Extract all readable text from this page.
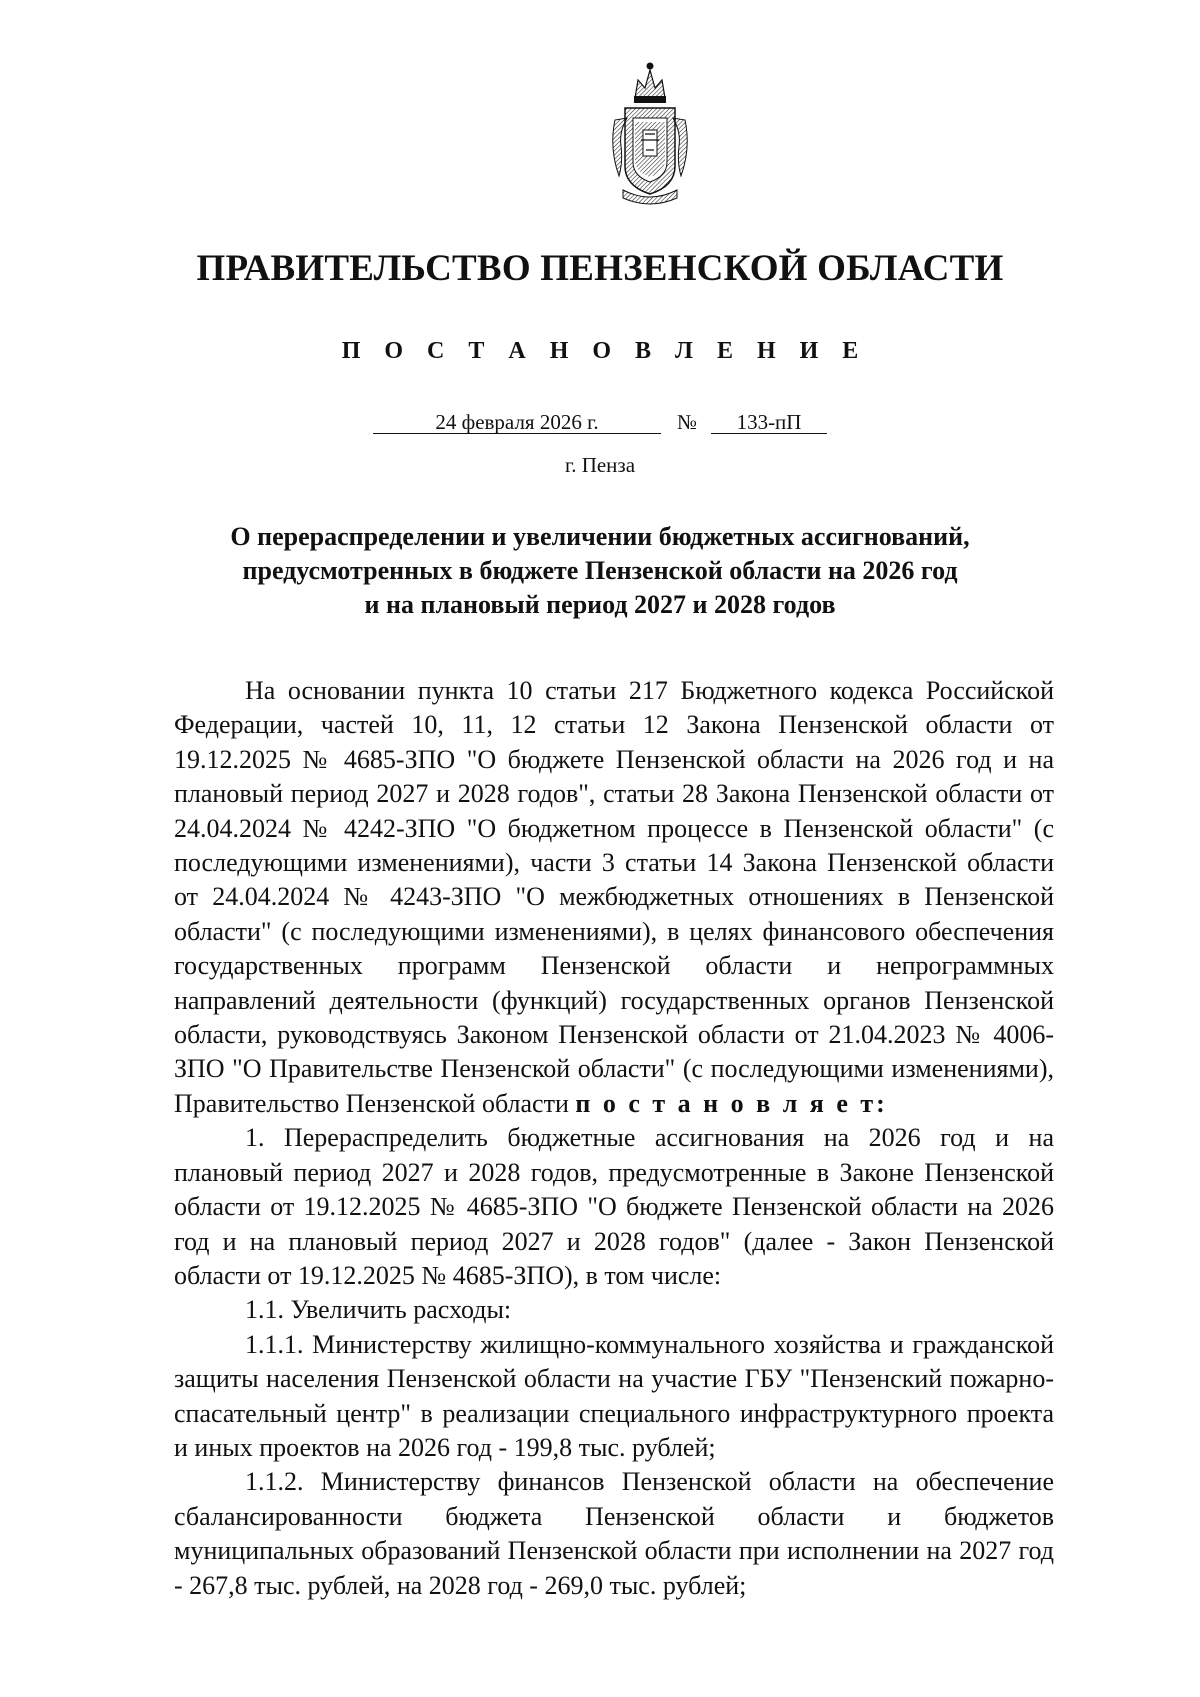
ПРАВИТЕЛЬСТВО ПЕНЗЕНСКОЙ ОБЛАСТИ
П О С Т А Н О В Л Е Н И Е
24 февраля 2026 г.	№ 133-пП
г. Пенза
О перераспределении и увеличении бюджетных ассигнований,
предусмотренных в бюджете Пензенской области на 2026 год
и на плановый период 2027 и 2028 годов

На основании пункта 10 статьи 217 Бюджетного кодекса Российской Федерации, частей 10, 11, 12 статьи 12 Закона Пензенской области от 19.12.2025 № 4685-ЗПО "О бюджете Пензенской области на 2026 год и на плановый период 2027 и 2028 годов", статьи 28 Закона Пензенской области от 24.04.2024 № 4242-ЗПО "О бюджетном процессе в Пензенской области" (с последующими изменениями), части 3 статьи 14 Закона Пензенской области от 24.04.2024 № 4243-ЗПО "О межбюджетных отношениях в Пензенской области" (с последующими изменениями), в целях финансового обеспечения государственных программ Пензенской области и непрограммных направлений деятельности (функций) государственных органов Пензенской области, руководствуясь Законом Пензенской области от 21.04.2023 № 4006-ЗПО "О Правительстве Пензенской области" (с последующими изменениями), Правительство Пензенской области п о с т а н о в л я е т:

1. Перераспределить бюджетные ассигнования на 2026 год и на плановый период 2027 и 2028 годов, предусмотренные в Законе Пензенской области от 19.12.2025 № 4685-ЗПО "О бюджете Пензенской области на 2026 год и на плановый период 2027 и 2028 годов" (далее - Закон Пензенской области от 19.12.2025 № 4685-ЗПО), в том числе:

1.1. Увеличить расходы:

1.1.1. Министерству жилищно-коммунального хозяйства и гражданской защиты населения Пензенской области на участие ГБУ "Пензенский пожарно-спасательный центр" в реализации специального инфраструктурного проекта и иных проектов на 2026 год - 199,8 тыс. рублей;

1.1.2. Министерству финансов Пензенской области на обеспечение сбалансированности бюджета Пензенской области и бюджетов муниципальных образований Пензенской области при исполнении на 2027 год - 267,8 тыс. рублей, на 2028 год - 269,0 тыс. рублей;
